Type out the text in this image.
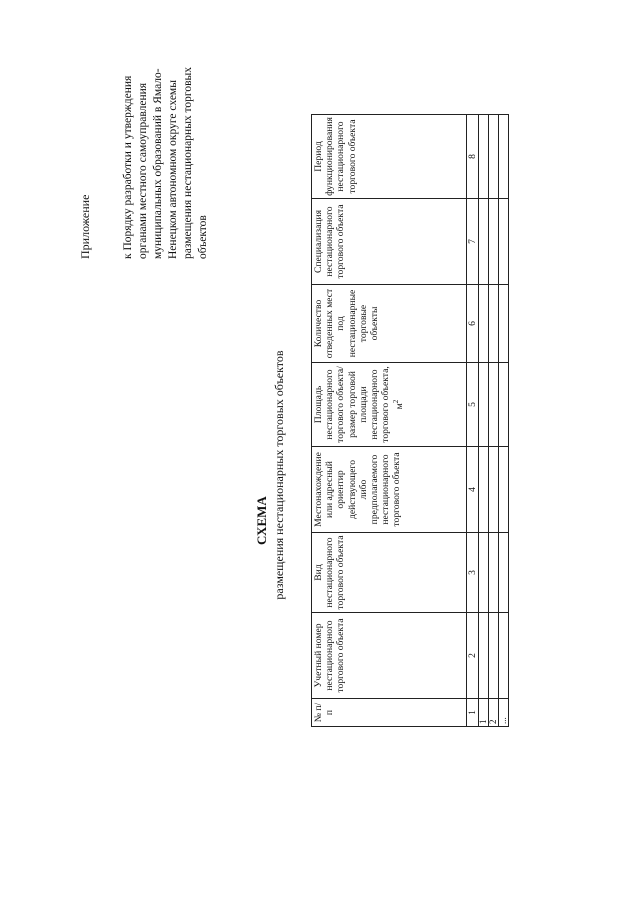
Приложение	к Порядку разработки и утверждения органами местного самоуправления муниципальных образований в Ямало-Ненецком автономном округе схемы размещения нестационарных торговых объектов

СХЕМА размещения нестационарных торговых объектов
№ п/п	Учетный номер нестационарного торгового объекта	Вид нестационарного торгового объекта	Местонахождение или адресный ориентир действующего либо предполагаемого нестационарного торгового объекта	Площадь нестационарного торгового объекта/ размер торговой площади нестационарного торгового объекта, $м^2$	Количество отведенных мест под нестационарные торговые объекты	Специализация нестационарного торгового объекта	Период функционирования нестационарного торгового объекта
1	2	3	4	5	6	7	8
1							
2							
...							
